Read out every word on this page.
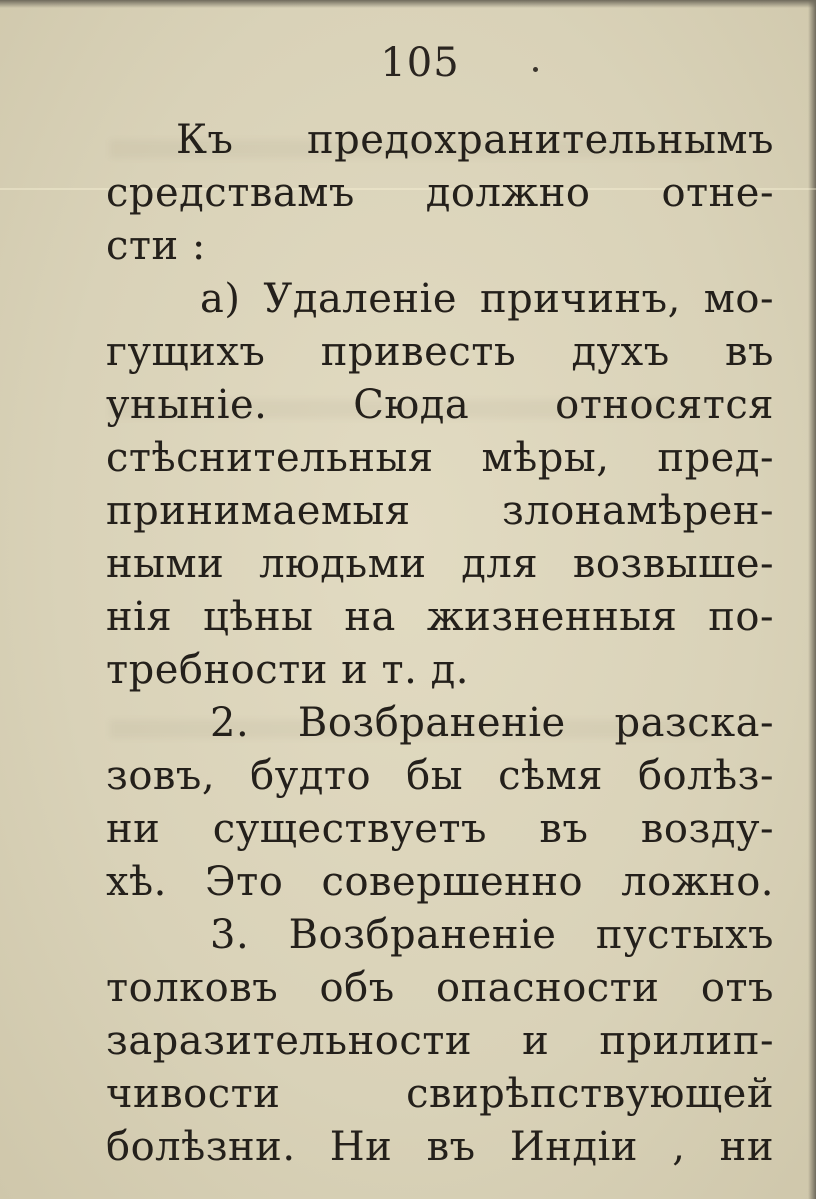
105
Къ предохранительнымъ
средствамъ должно отне-
сти :
а) Удаленіе причинъ, мо-
гущихъ привесть духъ въ
уныніе. Сюда относятся
стѣснительныя мѣры, пред-
принимаемыя злонамѣрен-
ными людьми для возвыше-
нія цѣны на жизненныя по-
требности и т. д.
2. Возбраненіе разска-
зовъ, будто бы сѣмя болѣз-
ни существуетъ въ возду-
хѣ. Это совершенно ложно.
3. Возбраненіе пустыхъ
толковъ объ опасности отъ
заразительности и прилип-
чивости свирѣпствующей
болѣзни. Ни въ Индіи , ни
